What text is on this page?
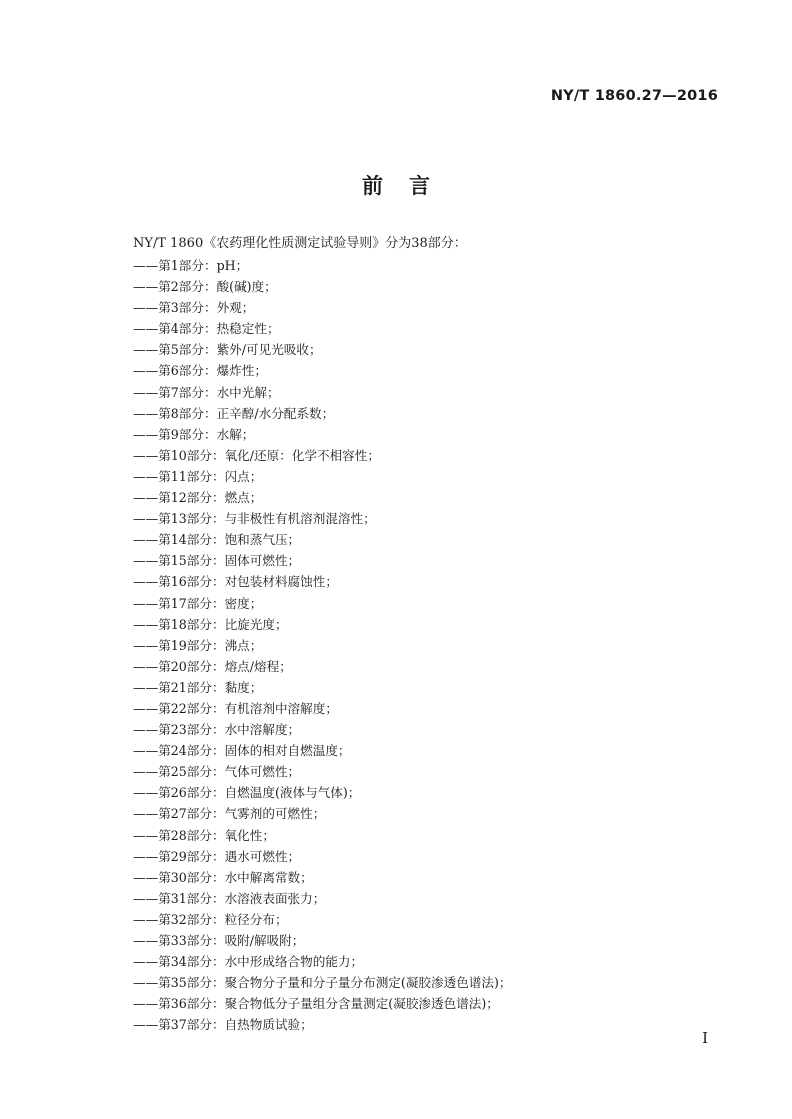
NY/T 1860.27—2016
前言
NY/T 1860《农药理化性质测定试验导则》分为38部分：
——第1部分：pH；
——第2部分：酸(碱)度；
——第3部分：外观；
——第4部分：热稳定性；
——第5部分：紫外/可见光吸收；
——第6部分：爆炸性；
——第7部分：水中光解；
——第8部分：正辛醇/水分配系数；
——第9部分：水解；
——第10部分：氧化/还原：化学不相容性；
——第11部分：闪点；
——第12部分：燃点；
——第13部分：与非极性有机溶剂混溶性；
——第14部分：饱和蒸气压；
——第15部分：固体可燃性；
——第16部分：对包装材料腐蚀性；
——第17部分：密度；
——第18部分：比旋光度；
——第19部分：沸点；
——第20部分：熔点/熔程；
——第21部分：黏度；
——第22部分：有机溶剂中溶解度；
——第23部分：水中溶解度；
——第24部分：固体的相对自燃温度；
——第25部分：气体可燃性；
——第26部分：自燃温度(液体与气体)；
——第27部分：气雾剂的可燃性；
——第28部分：氧化性；
——第29部分：遇水可燃性；
——第30部分：水中解离常数；
——第31部分：水溶液表面张力；
——第32部分：粒径分布；
——第33部分：吸附/解吸附；
——第34部分：水中形成络合物的能力；
——第35部分：聚合物分子量和分子量分布测定(凝胶渗透色谱法)；
——第36部分：聚合物低分子量组分含量测定(凝胶渗透色谱法)；
——第37部分：自热物质试验；
I
